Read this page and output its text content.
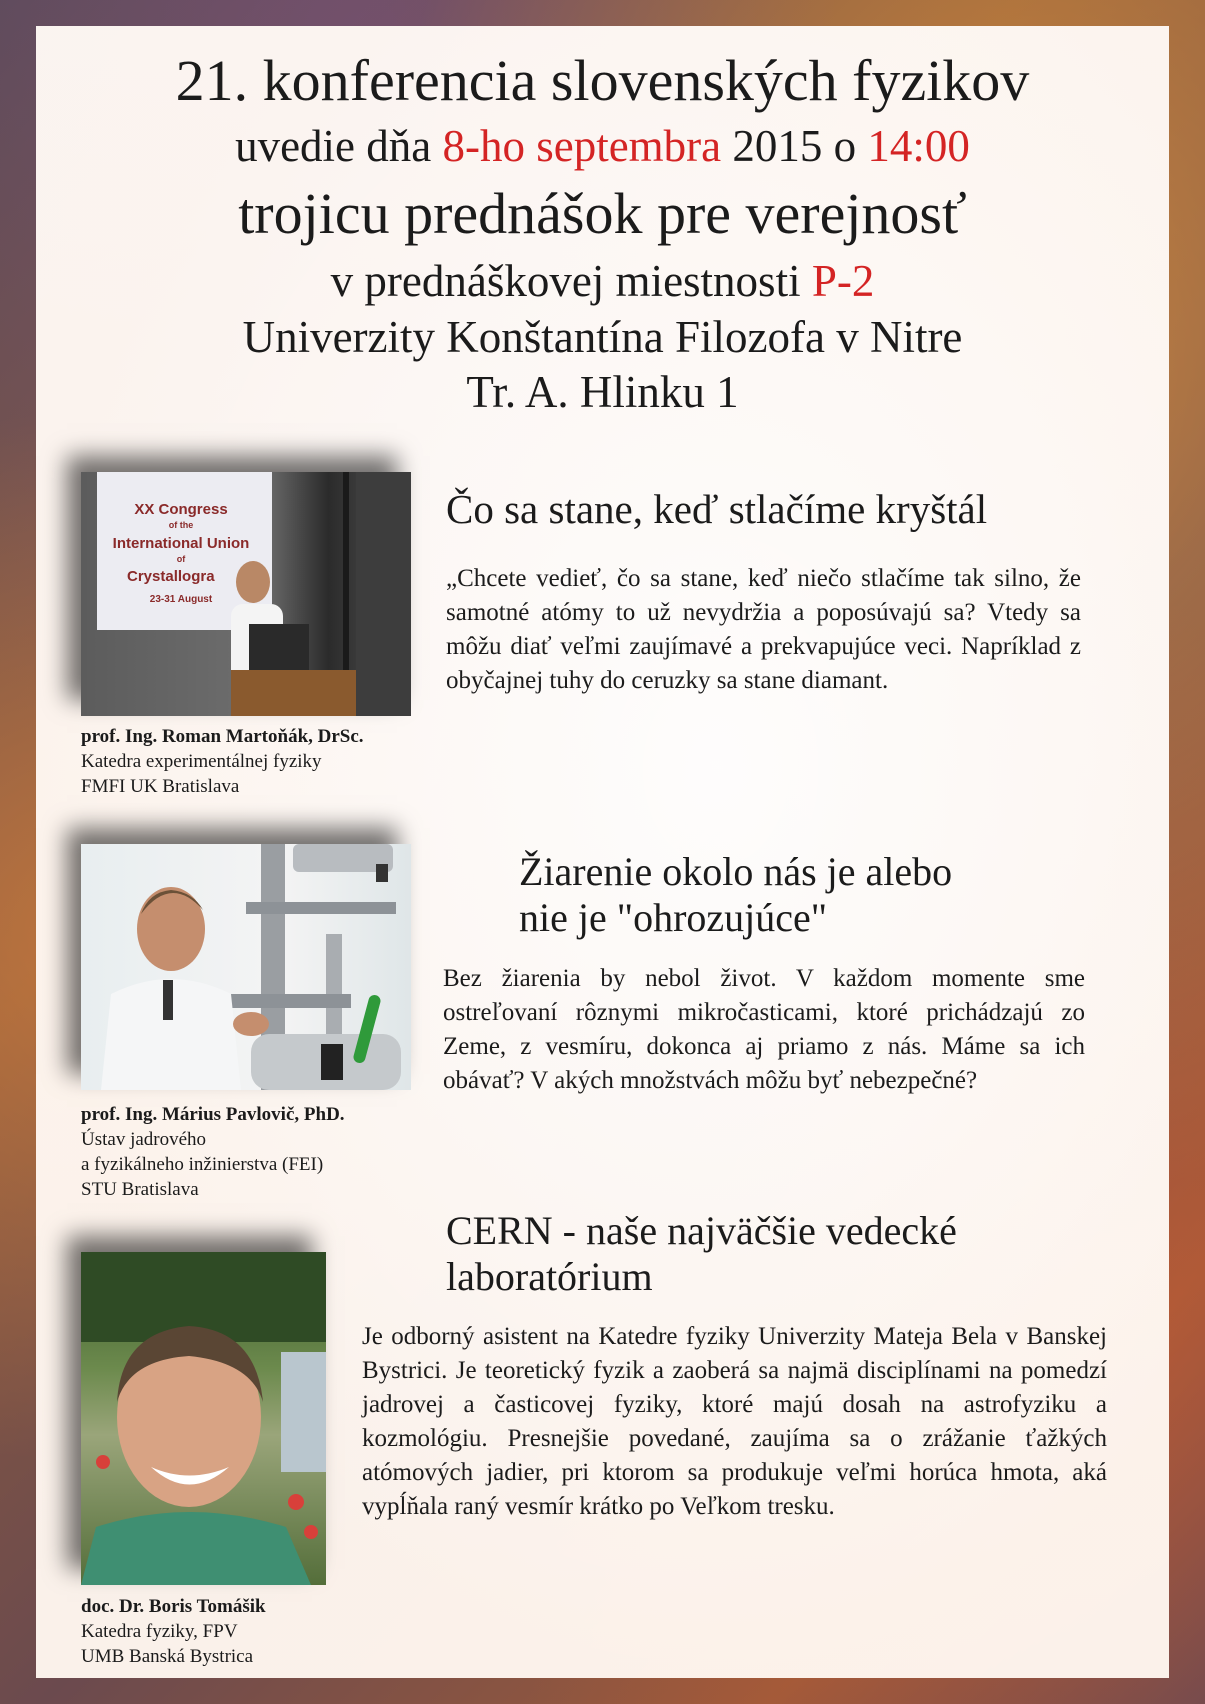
21. konferencia slovenských fyzikov
uvedie dňa 8-ho septembra 2015 o 14:00
trojicu prednášok pre verejnosť
v prednáškovej miestnosti P-2
Univerzity Konštantína Filozofa v Nitre
Tr. A. Hlinku 1
XX Congress
of the
International Union
of
Crystallogra
23-31 August
prof. Ing. Roman Martoňák, DrSc.
Katedra experimentálnej fyziky
FMFI UK Bratislava
Čo sa stane, keď stlačíme kryštál
„Chcete vedieť, čo sa stane, keď niečo stlačíme tak silno, že samotné atómy to už nevydržia a poposúvajú sa? Vtedy sa môžu diať veľmi zaujímavé a prekvapujúce veci. Napríklad z obyčajnej tuhy do ceruzky sa stane diamant.
prof. Ing. Márius Pavlovič, PhD.
Ústav jadrového
a fyzikálneho inžinierstva (FEI)
STU Bratislava
Žiarenie okolo nás je alebo
nie je "ohrozujúce"
Bez žiarenia by nebol život. V každom momente sme ostreľovaní rôznymi mikročasticami, ktoré prichádzajú zo Zeme, z vesmíru, dokonca aj priamo z nás. Máme sa ich obávať? V akých množstvách môžu byť nebezpečné?
doc. Dr. Boris Tomášik
Katedra fyziky, FPV
UMB Banská Bystrica
CERN - naše najväčšie vedecké
laboratórium
Je odborný asistent na Katedre fyziky Univerzity Mateja Bela v Banskej Bystrici. Je teoretický fyzik a zaoberá sa najmä disciplínami na pomedzí jadrovej a časticovej fyziky, ktoré majú dosah na astrofyziku a kozmológiu. Presnejšie povedané, zaujíma sa o zrážanie ťažkých atómových jadier, pri ktorom sa produkuje veľmi horúca hmota, aká vypĺňala raný vesmír krátko po Veľkom tresku.
